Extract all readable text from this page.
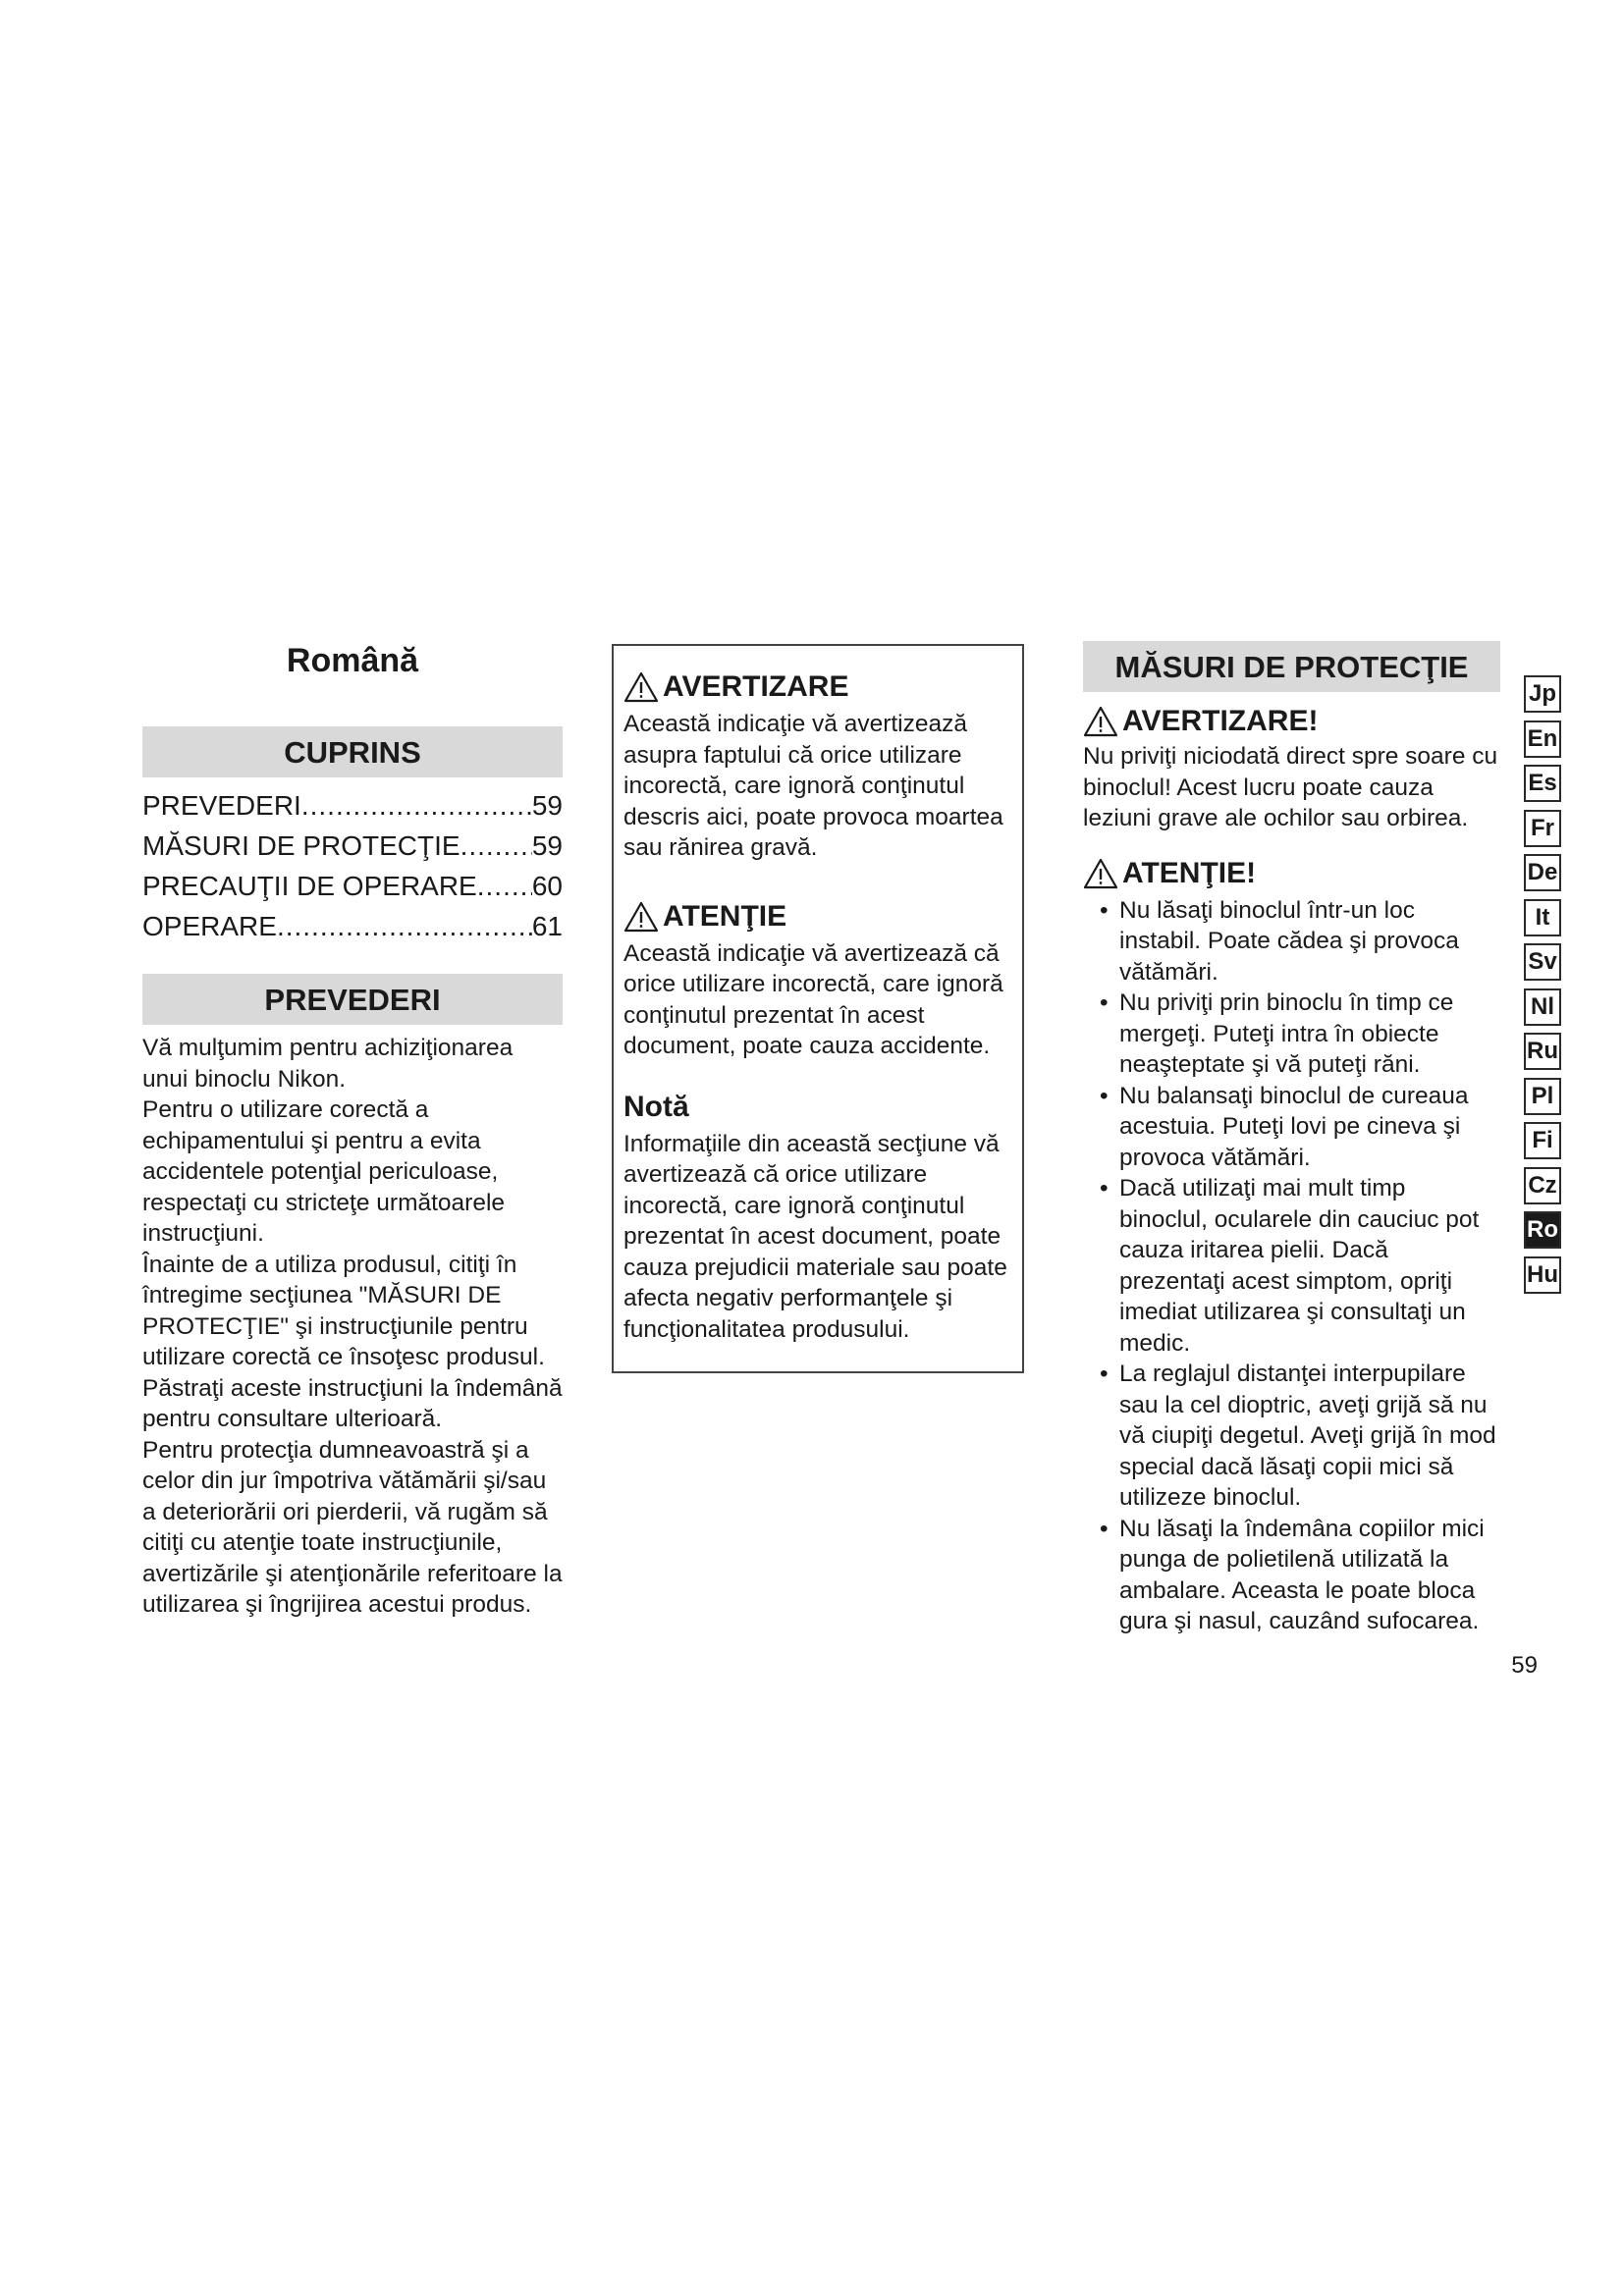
Română
CUPRINS
PREVEDERI .....	59
MĂSURI DE PROTECŢIE .....	59
PRECAUŢII DE OPERARE ..... 60
OPERARE .....	61
PREVEDERI

Vă mulţumim pentru achiziţionarea unui binoclu Nikon.

Pentru o utilizare corectă a echipamentului şi pentru a evita accidentele potenţial periculoase, respectaţi cu stricteţe următoarele instrucţiuni.

Înainte de a utiliza produsul, citiţi în întregime secţiunea "MĂSURI DE PROTECŢIE" şi instrucţiunile pentru utilizare corectă ce însoţesc produsul. Păstraţi aceste instrucţiuni la îndemână pentru consultare ulterioară.

Pentru protecţia dumneavoastră şi a celor din jur împotriva vătămării şi/sau a deteriorării ori pierderii, vă rugăm să citiţi cu atenţie toate instrucţiunile, avertizările şi atenţionările referitoare la utilizarea şi îngrijirea acestui produs.

AVERTIZARE

Această indicaţie vă avertizează asupra faptului că orice utilizare incorectă, care ignoră conţinutul descris aici, poate provoca moartea sau rănirea gravă.

ATENŢIE

Această indicaţie vă avertizează că orice utilizare incorectă, care ignoră conţinutul prezentat în acest document, poate cauza accidente.

Notă

Informaţiile din această secţiune vă avertizează că orice utilizare incorectă, care ignoră conţinutul prezentat în acest document, poate cauza prejudicii materiale sau poate afecta negativ performanţele şi funcţionalitatea produsului.

MĂSURI DE PROTECŢIE
AVERTIZARE!

Nu priviţi niciodată direct spre soare cu binoclul! Acest lucru poate cauza leziuni grave ale ochilor sau orbirea.

ATENŢIE!
• Nu lăsaţi binoclul într-un loc instabil. Poate cădea şi provoca vătămări.
• Nu priviţi prin binoclu în timp ce mergeţi. Puteţi intra în obiecte neaşteptate şi vă puteţi răni.
• Nu balansaţi binoclul de cureaua acestuia. Puteţi lovi pe cineva şi provoca vătămări.
• Dacă utilizaţi mai mult timp binoclul, ocularele din cauciuc pot cauza iritarea pielii. Dacă prezentaţi acest simptom, opriţi imediat utilizarea şi consultaţi un medic.
• La reglajul distanţei interpupilare sau la cel dioptric, aveţi grijă să nu vă ciupiţi degetul. Aveţi grijă în mod special dacă lăsaţi copii mici să utilizeze binoclul.
• Nu lăsaţi la îndemâna copiilor mici punga de polietilenă utilizată la ambalare. Aceasta le poate bloca gura şi nasul, cauzând sufocarea.
Jp
En
Es
Fr
De
It
Sv
Nl
Ru
Pl
Fi
Cz
Ro
Hu
59
